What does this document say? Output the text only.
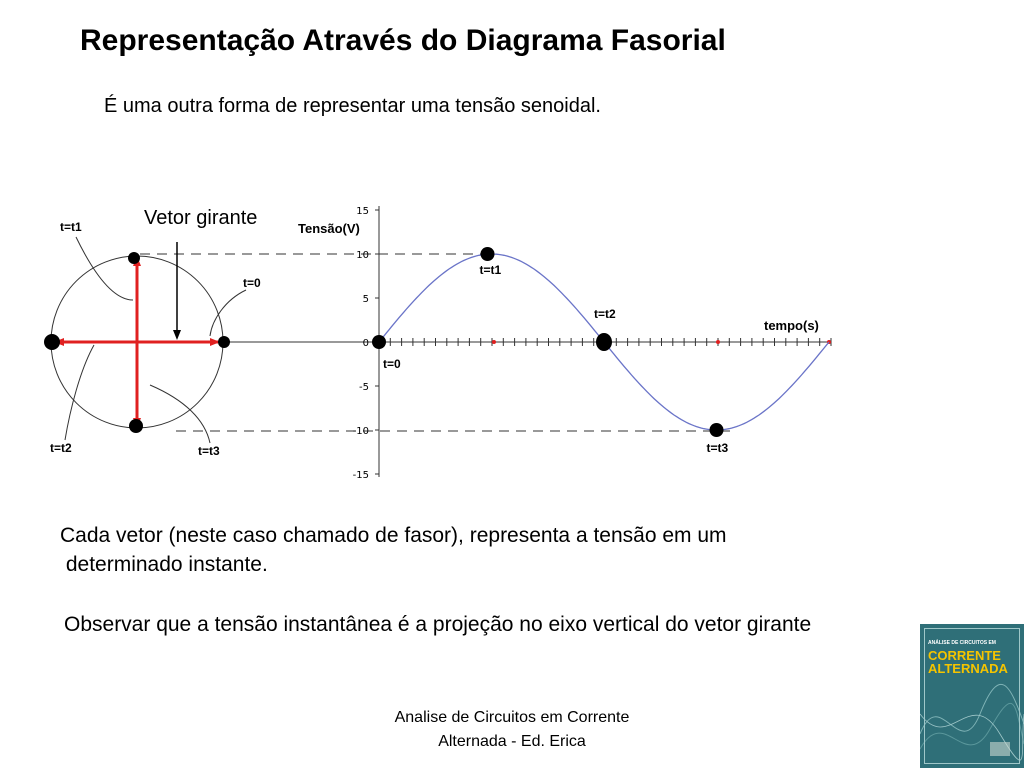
Representação Através do Diagrama Fasorial
É uma outra forma de representar uma tensão senoidal.
t=t1
t=0
t=t2	t=t3
Vetor girante	Tensão(V)
tempo(s)
15
10
5
0
-5
-10
-15
t=0
t=t1
t=t2
t=t3
Cada vetor (neste caso chamado de fasor), representa a tensão em um
determinado instante.
Observar que a tensão instantânea é a projeção no eixo vertical do vetor girante
Analise de Circuitos em Corrente
Alternada - Ed. Erica
ANÁLISE DE CIRCUITOS EM
CORRENTE
ALTERNADA
